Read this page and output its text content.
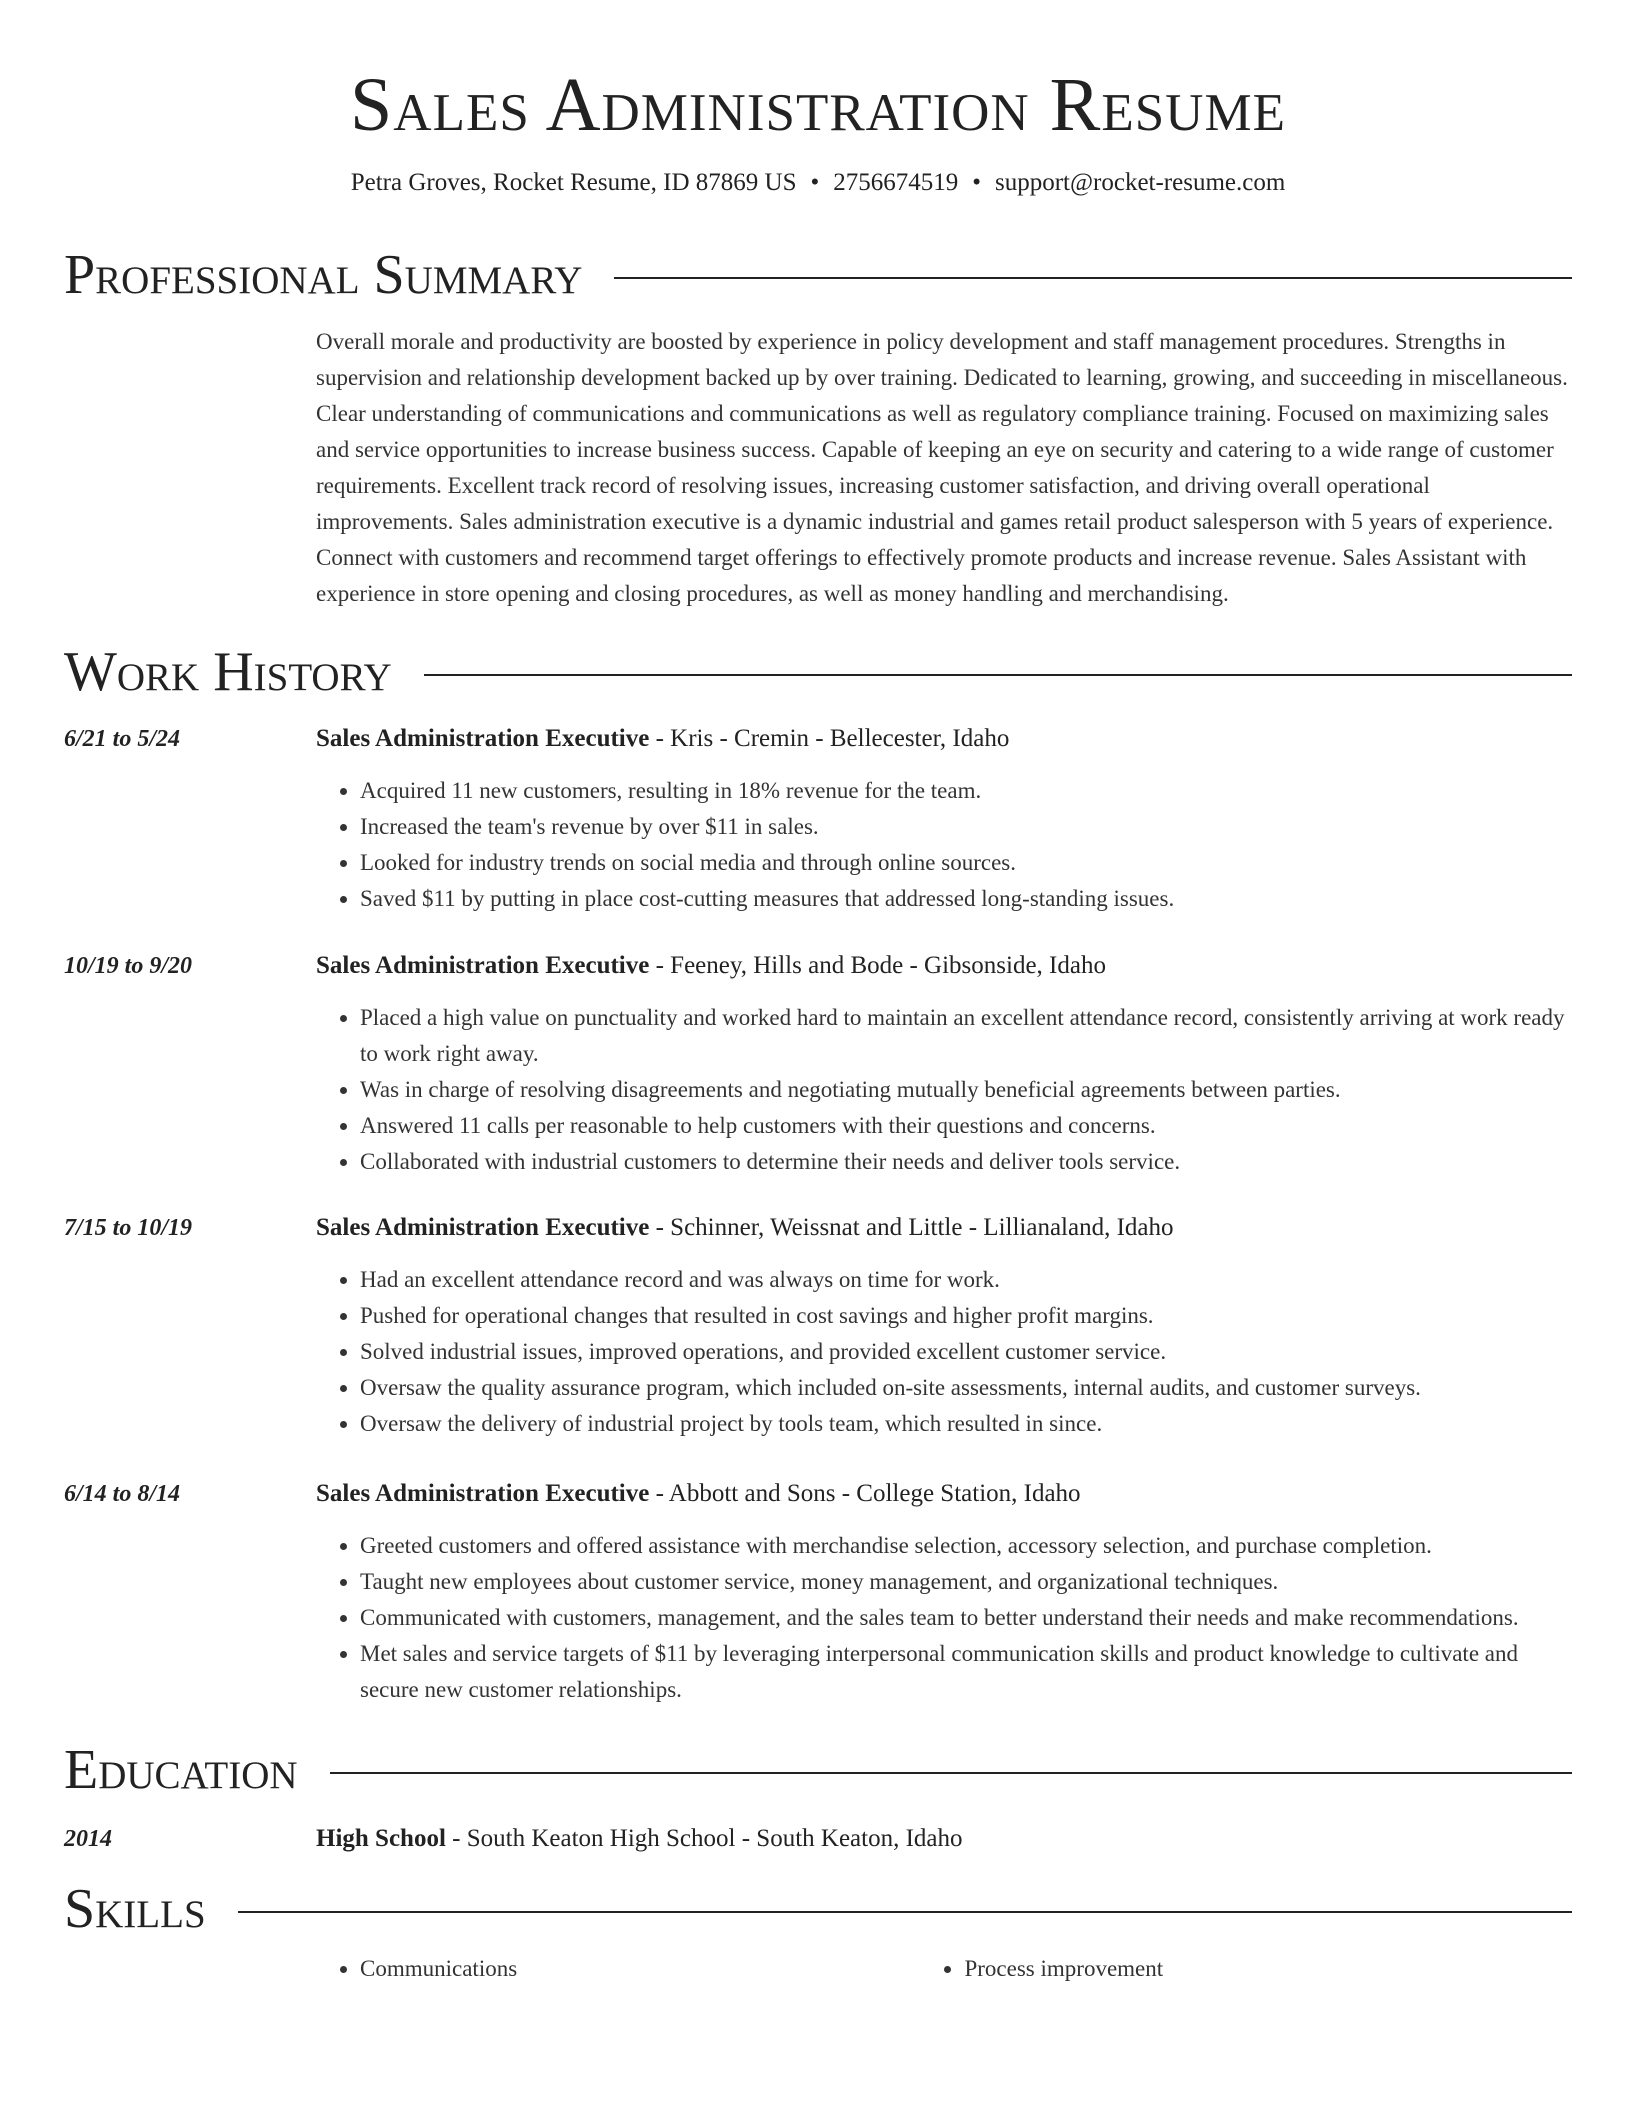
Sales Administration Resume
Petra Groves, Rocket Resume, ID 87869 US • 2756674519 • support@rocket-resume.com
Professional Summary
Overall morale and productivity are boosted by experience in policy development and staff management procedures. Strengths in supervision and relationship development backed up by over training. Dedicated to learning, growing, and succeeding in miscellaneous. Clear understanding of communications and communications as well as regulatory compliance training. Focused on maximizing sales and service opportunities to increase business success. Capable of keeping an eye on security and catering to a wide range of customer requirements. Excellent track record of resolving issues, increasing customer satisfaction, and driving overall operational improvements. Sales administration executive is a dynamic industrial and games retail product salesperson with 5 years of experience. Connect with customers and recommend target offerings to effectively promote products and increase revenue. Sales Assistant with experience in store opening and closing procedures, as well as money handling and merchandising.
Work History
6/21 to 5/24	Sales Administration Executive - Kris - Cremin - Bellecester, Idaho
• Acquired 11 new customers, resulting in 18% revenue for the team.
• Increased the team's revenue by over $11 in sales.
• Looked for industry trends on social media and through online sources.
• Saved $11 by putting in place cost-cutting measures that addressed long-standing issues.
10/19 to 9/20	Sales Administration Executive - Feeney, Hills and Bode - Gibsonside, Idaho
• Placed a high value on punctuality and worked hard to maintain an excellent attendance record, consistently arriving at work ready to work right away.
• Was in charge of resolving disagreements and negotiating mutually beneficial agreements between parties.
• Answered 11 calls per reasonable to help customers with their questions and concerns.
• Collaborated with industrial customers to determine their needs and deliver tools service.
7/15 to 10/19	Sales Administration Executive - Schinner, Weissnat and Little - Lillianaland, Idaho
• Had an excellent attendance record and was always on time for work.
• Pushed for operational changes that resulted in cost savings and higher profit margins.
• Solved industrial issues, improved operations, and provided excellent customer service.
• Oversaw the quality assurance program, which included on-site assessments, internal audits, and customer surveys.
• Oversaw the delivery of industrial project by tools team, which resulted in since.
6/14 to 8/14	Sales Administration Executive - Abbott and Sons - College Station, Idaho
• Greeted customers and offered assistance with merchandise selection, accessory selection, and purchase completion.
• Taught new employees about customer service, money management, and organizational techniques.
• Communicated with customers, management, and the sales team to better understand their needs and make recommendations.
• Met sales and service targets of $11 by leveraging interpersonal communication skills and product knowledge to cultivate and secure new customer relationships.
Education
2014	High School - South Keaton High School - South Keaton, Idaho
Skills
• Communications
•	Process improvement
